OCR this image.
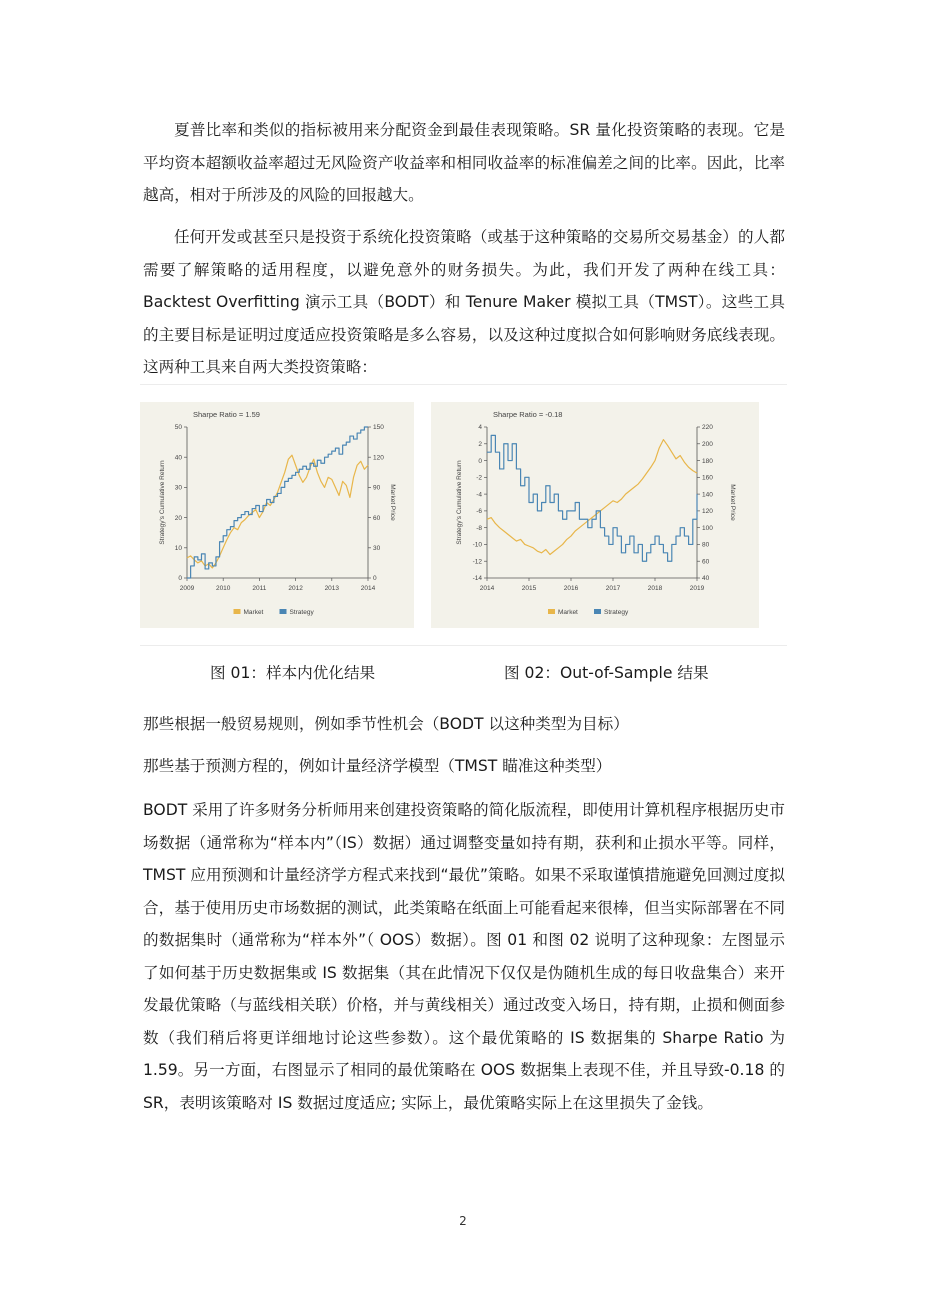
夏普比率和类似的指标被用来分配资金到最佳表现策略。SR 量化投资策略的表现。它是平均资本超额收益率超过无风险资产收益率和相同收益率的标准偏差之间的比率。因此，比率越高，相对于所涉及的风险的回报越大。

任何开发或甚至只是投资于系统化投资策略（或基于这种策略的交易所交易基金）的人都需要了解策略的适用程度，以避免意外的财务损失。为此，我们开发了两种在线工具：Backtest Overfitting 演示工具（BODT）和 Tenure Maker 模拟工具（TMST）。这些工具的主要目标是证明过度适应投资策略是多么容易，以及这种过度拟合如何影响财务底线表现。这两种工具来自两大类投资策略：

Sharpe Ratio = 1.59
2009	2010	2011	2012	2013	2014
0
10
20
30
40
50
0
30
60
90
120
150
Strategy's Cumulative Return	Market Price
Market	Strategy
Sharpe Ratio = -0.18
2014	2015	2016	2017	2018	2019
4
2
0
-2
-4
-6
-8
-10
-12
-14
220
200
180
160
140
120
100
80
60
40
Strategy's Cumulative Return	Market Price
Market	Strategy
图 01：样本内优化结果	图 02：Out-of-Sample 结果

那些根据一般贸易规则，例如季节性机会（BODT 以这种类型为目标）

那些基于预测方程的，例如计量经济学模型（TMST 瞄准这种类型）

BODT 采用了许多财务分析师用来创建投资策略的简化版流程，即使用计算机程序根据历史市场数据（通常称为“样本内”（IS）数据）通过调整变量如持有期，获利和止损水平等。同样，TMST 应用预测和计量经济学方程式来找到“最优”策略。如果不采取谨慎措施避免回测过度拟合，基于使用历史市场数据的测试，此类策略在纸面上可能看起来很棒，但当实际部署在不同的数据集时（通常称为“样本外”（ OOS）数据）。图 01 和图 02 说明了这种现象：左图显示了如何基于历史数据集或 IS 数据集（其在此情况下仅仅是伪随机生成的每日收盘集合）来开发最优策略（与蓝线相关联）价格，并与黄线相关）通过改变入场日，持有期，止损和侧面参数（我们稍后将更详细地讨论这些参数）。这个最优策略的 IS 数据集的 Sharpe Ratio 为 1.59。另一方面，右图显示了相同的最优策略在 OOS 数据集上表现不佳，并且导致-0.18 的 SR，表明该策略对 IS 数据过度适应; 实际上，最优策略实际上在这里损失了金钱。

2
